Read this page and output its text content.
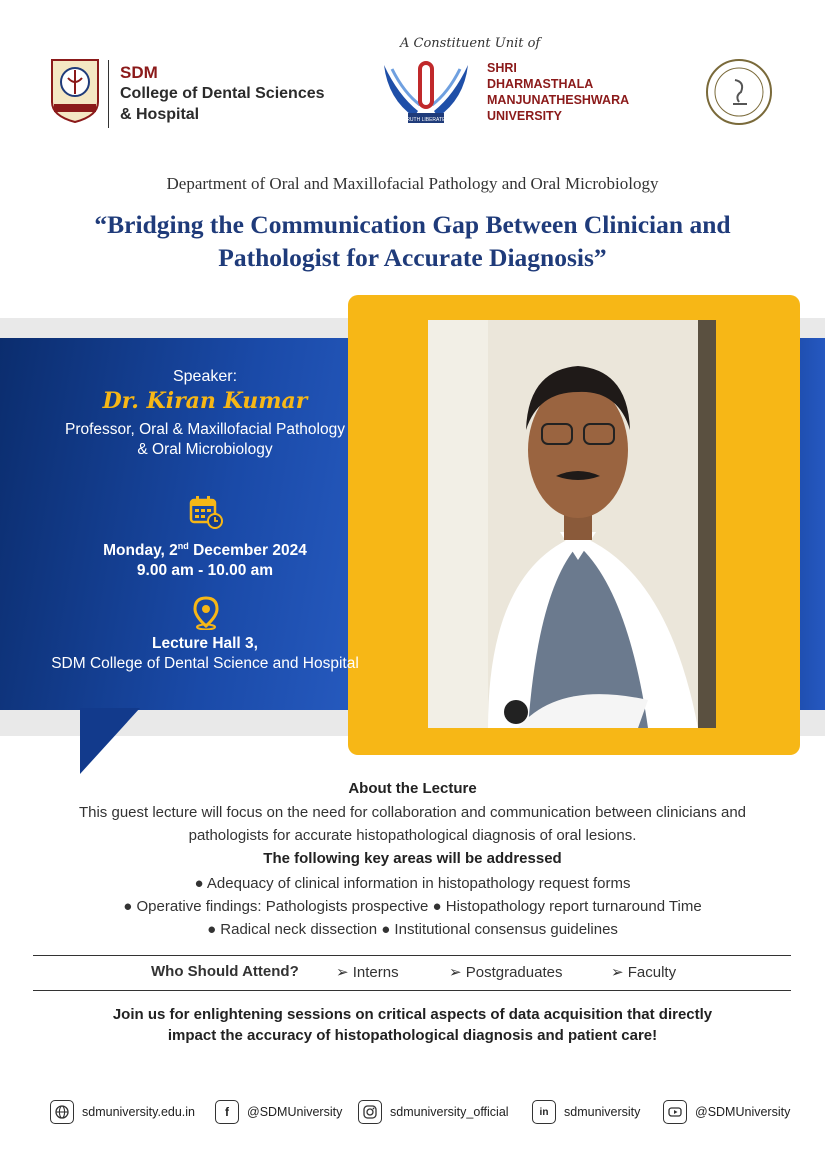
SDM
College of Dental Sciences
& Hospital
A Constituent Unit of
TRUTH LIBERATES
SHRI
DHARMASTHALA
MANJUNATHESHWARA
UNIVERSITY
Department of Oral and Maxillofacial Pathology and Oral Microbiology
“Bridging the Communication Gap Between Clinician and
Pathologist for Accurate Diagnosis”
Speaker:
Dr. Kiran Kumar
Professor, Oral & Maxillofacial Pathology
& Oral Microbiology
Monday, 2nd December 2024
9.00 am - 10.00 am
Lecture Hall 3,
SDM College of Dental Science and Hospital
About the Lecture
This guest lecture will focus on the need for collaboration and communication between clinicians and pathologists for accurate histopathological diagnosis of oral lesions.
The following key areas will be addressed
● Adequacy of clinical information in histopathology request forms
● Operative findings: Pathologists prospective ● Histopathology report turnaround Time
● Radical neck dissection ● Institutional consensus guidelines
Who Should Attend? ➢ Interns	➢ Postgraduates	➢ Faculty
Join us for enlightening sessions on critical aspects of data acquisition that directly
impact the accuracy of histopathological diagnosis and patient care!
sdmuniversity.edu.in	f	@SDMUniversity	sdmuniversity_official	in	sdmuniversity	@SDMUniversity
